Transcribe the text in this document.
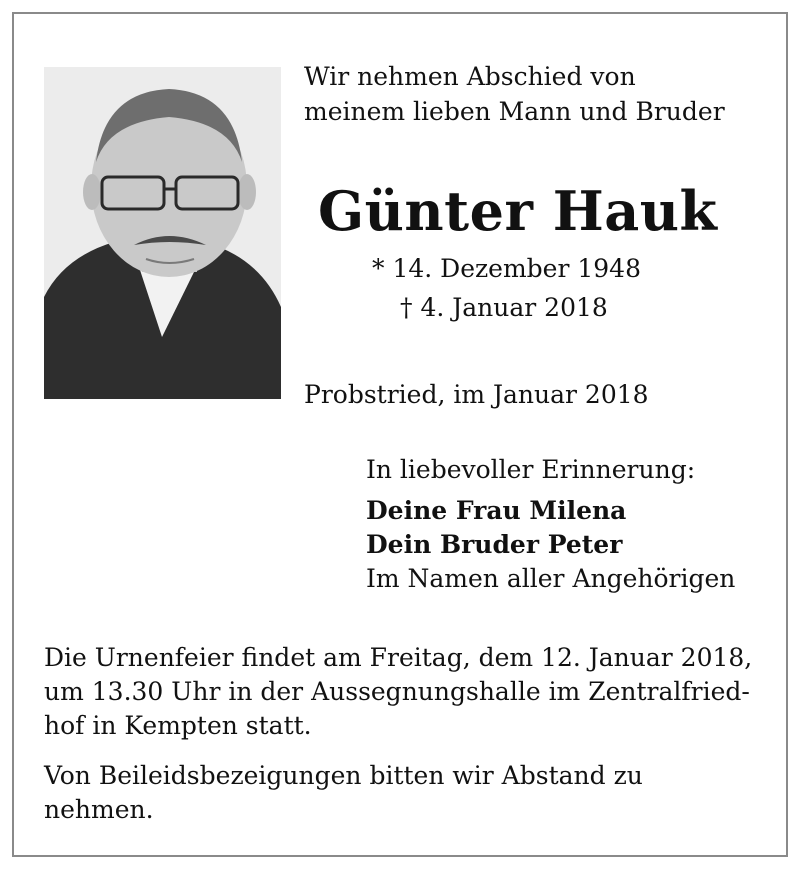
Wir nehmen Abschied von
meinem lieben Mann und Bruder
Günter Hauk
* 14. Dezember 1948
† 4. Januar 2018
Probstried, im Januar 2018
In liebevoller Erinnerung:
Deine Frau Milena
Dein Bruder Peter
Im Namen aller Angehörigen
Die Urnenfeier findet am Freitag, dem 12. Januar 2018,
um 13.30 Uhr in der Aussegnungshalle im Zentralfried-
hof in Kempten statt.
Von Beileidsbezeigungen bitten wir Abstand zu
nehmen.
